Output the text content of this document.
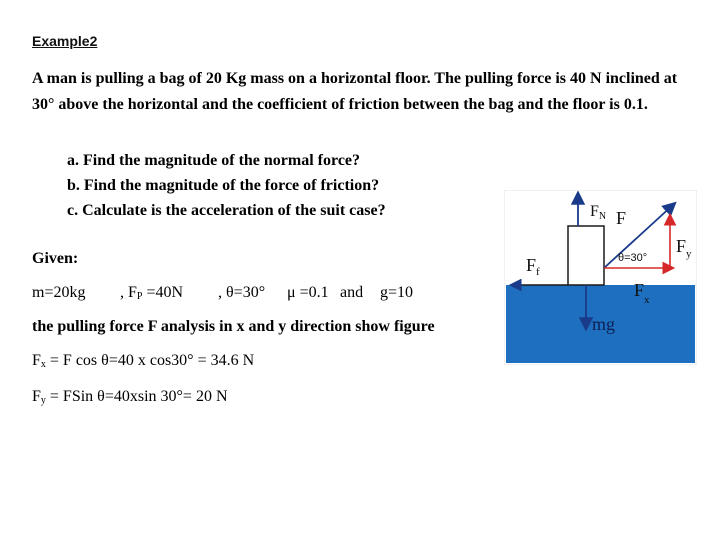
Example2
A man is pulling a bag of 20 Kg mass on a horizontal floor. The pulling force is 40 N inclined at 30° above the horizontal and the coefficient of friction between the bag and the floor is 0.1.
a. Find the magnitude of the normal force?
b. Find the magnitude of the force of friction?
c. Calculate is the acceleration of the suit case?
Given:
m=20kg , $F_P =40N$ , θ=30° μ =0.1 and g=10
the pulling force F analysis in x and y direction show figure
$F_x = F$ cos θ=40 x cos30° = 34.6 N
$F_y$ = FSin θ=40xsin 30°= 20 N
FN F
θ=30°
$F_y$
$F_f$
$F_x$
mg
